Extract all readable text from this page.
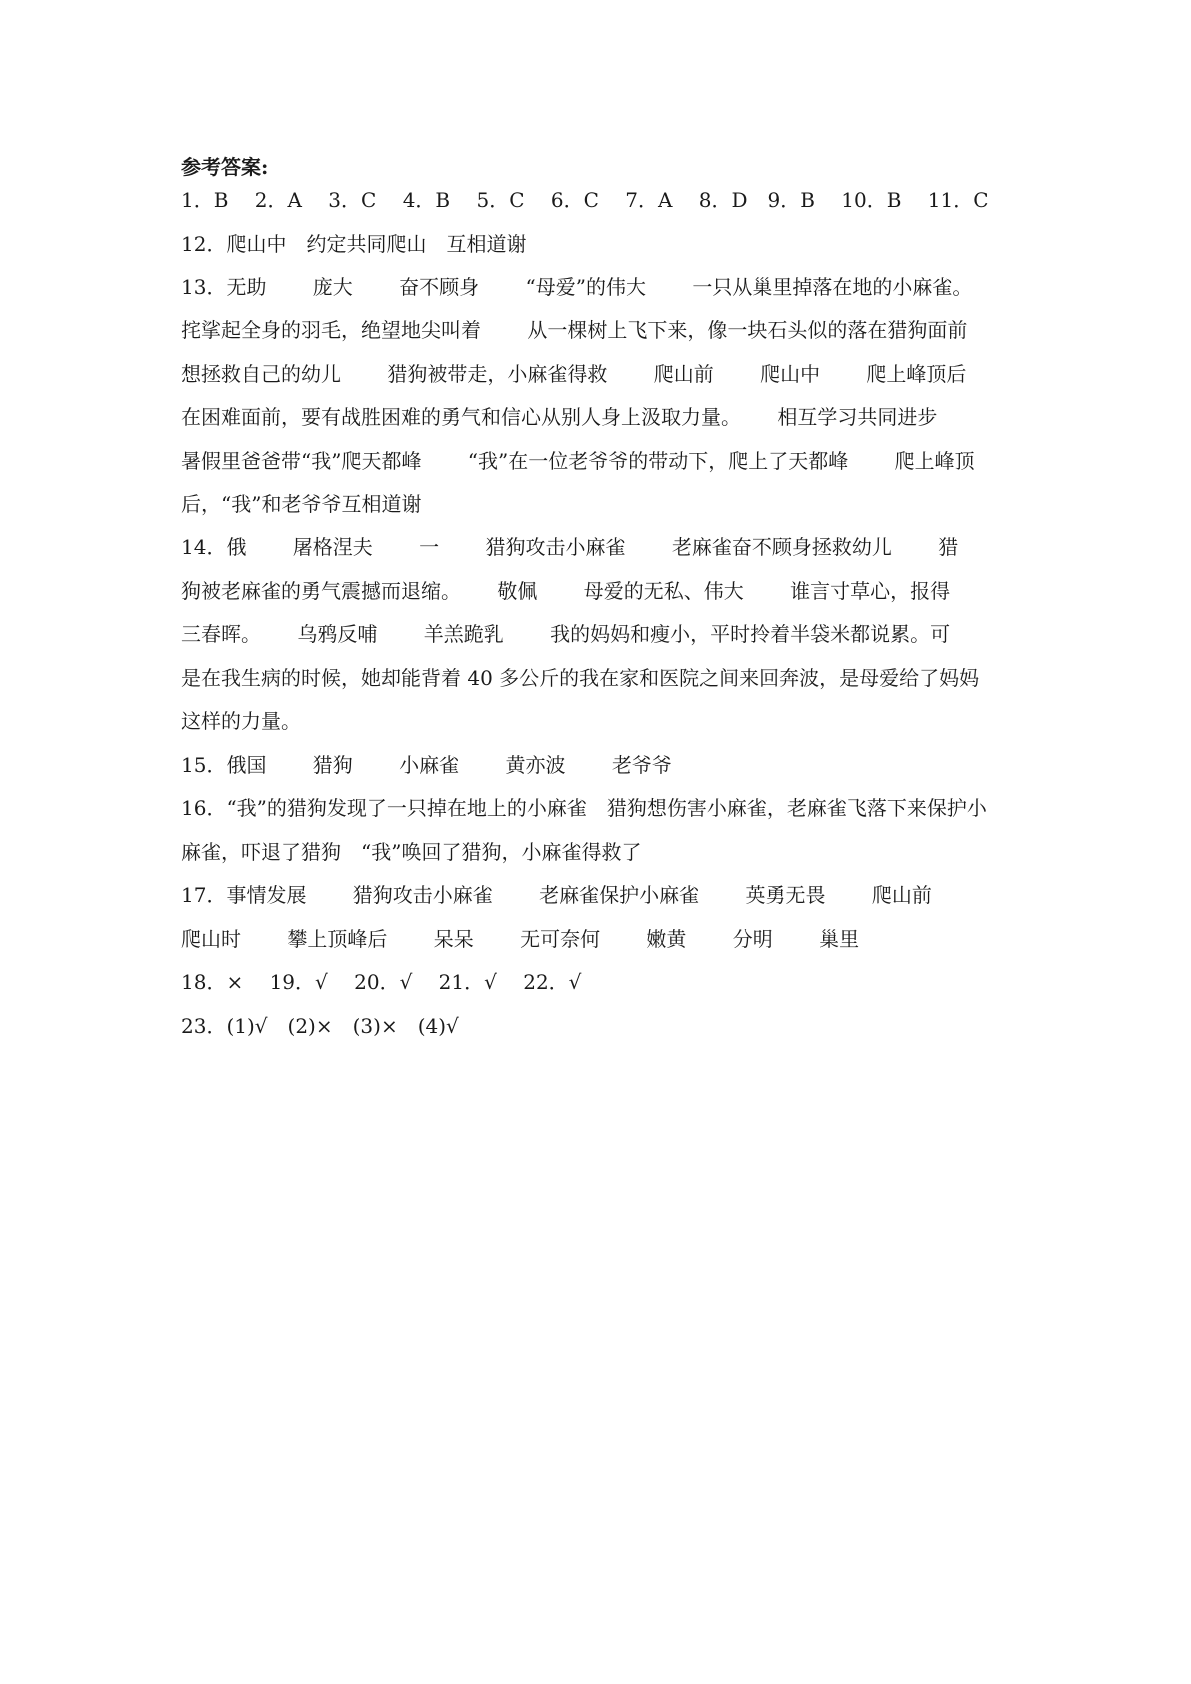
参考答案:
1．B　 2．A　 3．C　 4．B　 5．C　 6．C　 7．A　 8．D　9．B　 10．B　 11．C
12．爬山中　约定共同爬山　互相道谢
13．无助　　 庞大　　 奋不顾身　　 “母爱”的伟大　　 一只从巢里掉落在地的小麻雀。
挓挲起全身的羽毛，绝望地尖叫着　　 从一棵树上飞下来，像一块石头似的落在猎狗面前
想拯救自己的幼儿　　 猎狗被带走，小麻雀得救　　 爬山前　　 爬山中　　 爬上峰顶后
在困难面前，要有战胜困难的勇气和信心从别人身上汲取力量。　　 相互学习共同进步
暑假里爸爸带“我”爬天都峰　　 “我”在一位老爷爷的带动下，爬上了天都峰　　 爬上峰顶
后，“我”和老爷爷互相道谢
14．俄　　 屠格涅夫　　 一　　 猎狗攻击小麻雀　　 老麻雀奋不顾身拯救幼儿　　 猎
狗被老麻雀的勇气震撼而退缩。　　 敬佩　　 母爱的无私、伟大　　 谁言寸草心，报得
三春晖。　　 乌鸦反哺　　 羊羔跪乳　　 我的妈妈和瘦小，平时拎着半袋米都说累。可
是在我生病的时候，她却能背着 40 多公斤的我在家和医院之间来回奔波，是母爱给了妈妈
这样的力量。
15．俄国　　 猎狗　　 小麻雀　　 黄亦波　　 老爷爷
16．“我”的猎狗发现了一只掉在地上的小麻雀　猎狗想伤害小麻雀，老麻雀飞落下来保护小
麻雀，吓退了猎狗　“我”唤回了猎狗，小麻雀得救了
17．事情发展　　 猎狗攻击小麻雀　　 老麻雀保护小麻雀　　 英勇无畏　　 爬山前
爬山时　　 攀上顶峰后　　 呆呆　　 无可奈何　　 嫩黄　　 分明　　 巢里
18．×　 19．√　 20．√　 21．√　 22．√
23．(1)√　(2)×　(3)×　(4)√
